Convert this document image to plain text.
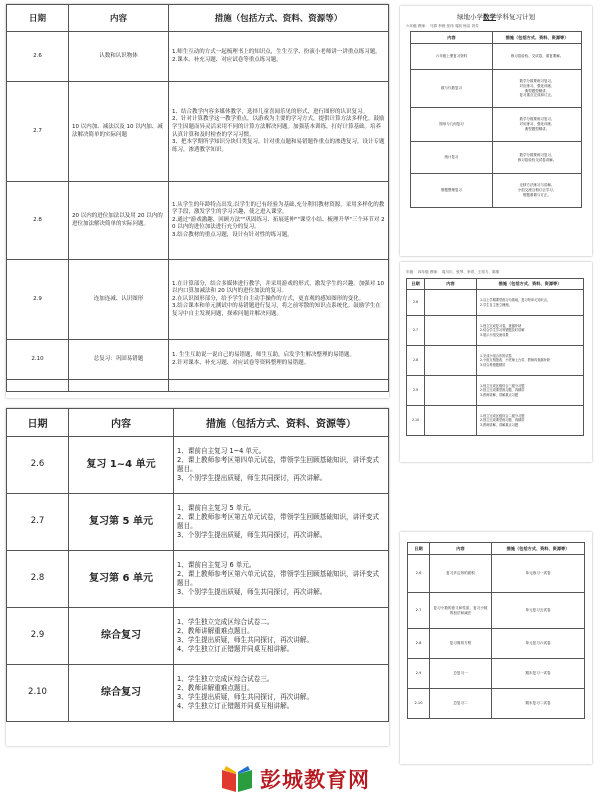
日期	内容	措施（包括方式、资料、资源等）
2.6	认数和认识物体	1.师生互动的方式一起梳理书上的知识点，生生互学、扮演小老师讲一讲重点练习题。
2.课本、补充习题、对应试卷等重点练习题。
2.7	10 以内加、减法以及 10 以内加、减法解决简单的实际问题	1、结合教学内容多媒体教学，选择儿童喜闻乐见的形式，进行图形的认识复习。
2、针对计算教学这一教学重点，以游戏为主要的学习方式，提供计算方法多样化。鼓励学生因题而异灵活采用不同的计算方法解决问题。加强基本训练，打好计算基础。培养认真计算和及时检查的学习习惯。
3、把本学期所学知识分块归类复习，针对重点题和易错题作重点的渗透复习，设计专题练习，渗透教学知识。
2.8	20 以内的进位加法以及用 20 以内的进位加法解决简单的实际问题。	1.从学生的年龄特点出发,以学生的已有经验为基础,充分利用教材资源，采用多样化的教学手段，激发学生的学习兴趣，使之进入课堂。
2.通过"游戏激趣、回顾方法""巩固练习、拓展延伸""课堂小结、梳理升华"三个环节对 20 以内的进位加法进行充分的复习。
3.结合教材的重点习题，设计有针对性的练习题。
2.9	连加连减、认识图形	1.在计算部分，结合多媒体进行教学，并采用游戏的形式，激发学生的兴趣。加强对 10 以内口算加减法和 20 以内的进位加法的复习。
2.在认识图形部分，给予学生自主动手操作的方式，更直观的感知图形的变化。
3.结合课本和单元测试中的易错题进行复习，将之前零散的知识点系统化。鼓励学生在复习中自主发现问题，探索问题并解决问题。
2.10	总复习：巩固易错题	1. 生生互助说一说自己的易错题，师生互助，启发学生解决整理的易错题。
2.针对课本、补充习题、对应试卷等资料整理的易错题。

日期	内容	措施（包括方式、资料、资源等）
2.6	复习 1~4 单元	1、课前自主复习 1~4 单元。
2、课上教师参考区第四单元试卷，带领学生回顾基础知识，讲评变式题目。
3、个别学生提出质疑，师生共同探讨，再次讲解。
2.7	复习第 5 单元	1、课前自主复习 5 单元。
2、课上教师参考区第五单元试卷，带领学生回顾基础知识，讲评变式题目。
3、个别学生提出质疑，师生共同探讨，再次讲解。
2.8	复习第 6 单元	1、课前自主复习 6 单元。
2、课上教师参考区第六单元试卷，带领学生回顾基础知识，讲评变式题目。
3、个别学生提出质疑，师生共同探讨，再次讲解。
2.9	综合复习	1、学生独立完成区综合试卷二。
2、教师讲解重难点题目。
3、学生提出质疑，师生共同探讨，再次讲解。
4、学生独立订正错题并同桌互相讲解。
2.10	综合复习	1、学生独立完成区综合试卷三。
2、教师讲解重难点题目。
3、学生提出质疑，师生共同探讨，再次讲解。
4、学生独立订正错题并同桌互相讲解。
绿地小学数学学科复习计划
六年级 教师： 马群 李晨 张伟 周凯 杨洁 刘芳
内容	措施（包括方式、资料、资源等）
六年级上册复习资料	练习卷检验、交试卷、重复要解。
数与代数复习	数学分数要练习复习、
对应练习、强化训练、
典型题型精讲、
复习重点完成和订正。
图形与几何复习	数学分数要练习复习、
对应练习、强化训练、
典型题型精讲。
统计复习	数学分数要练习复习、
练习卷检验交试卷讲解。
错题整理复习	迁移方法练习与讲解、
小组交流互相订正学习、
错题重做与订正。
年级： 四年级 教师： 周川川、张琴、李青、王再力、陈倩
日期	内容	措施（包括方式、资料、资源等）
2.6		1.以上学期课堂练习为基础，复习每单元知识点。
2.学生自主独立梳理。
2.7		1.独立完成复习卷，查漏补缺
2.结合学生学习易错题及时讲解
3.展示小组交流成果
2.8		1.完成小组合作的试卷
2.小组互相批改、小老师上台讲，教师再查漏补缺
3.结合易错题精讲
2.9		1.独立完成区级综合三级分习题
2.独立完成课堂练习题、再精讲
3.教师讲解，讲解重点习题
2.10		1.独立完成区级综合二级分习题
2.独立完成课堂练习题、再精讲
3.教师讲解，讲解重点习题
日期	内容	措施（包括方式、资料、资源等）
2.6	复习多边形的面积	单元练习一试卷
2.7	复习小数的意义和性质、复习小数的加法和减法	单元复习五试卷
2.8	复习简易方程	单元复习六试卷
2.9	总复习一	期末复习一试卷
2.10	总复习二	期末复习二试卷
彭城教育网
